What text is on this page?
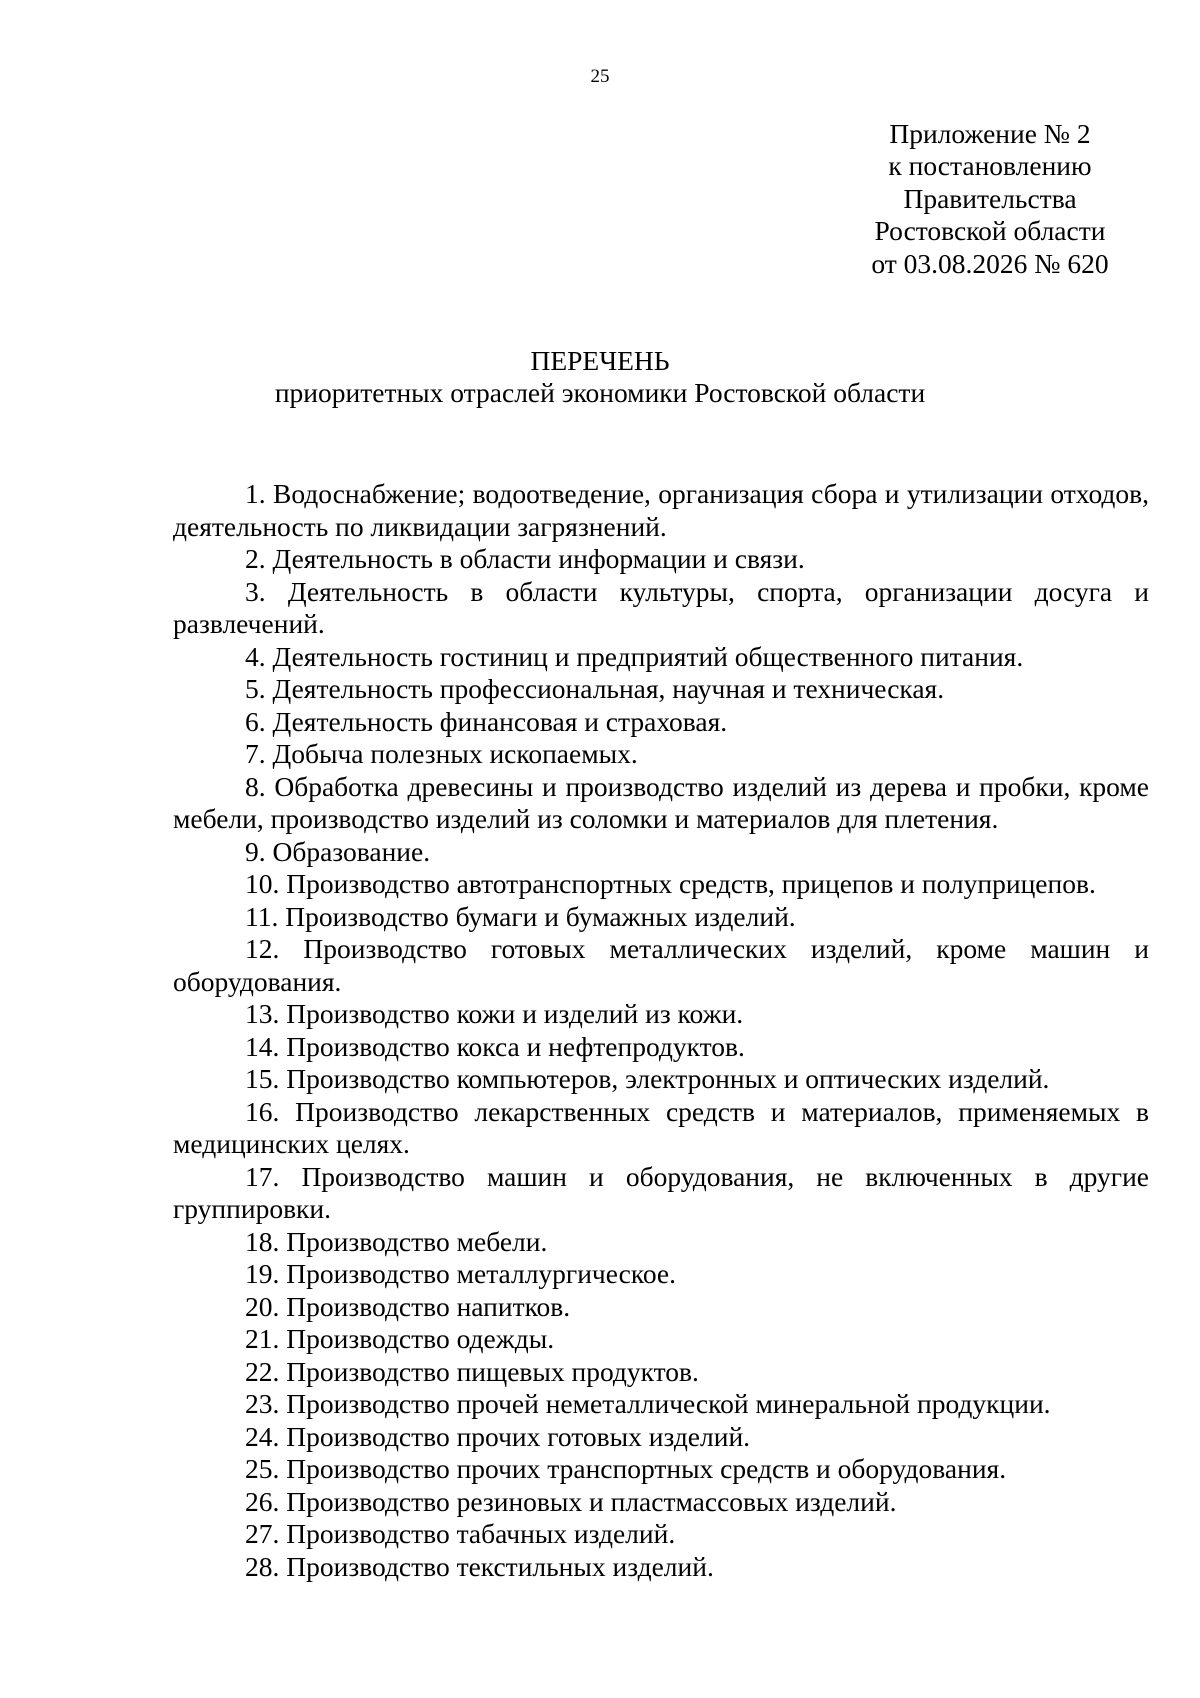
25
Приложение № 2
к постановлению
Правительства
Ростовской области
от 03.08.2026 № 620
ПЕРЕЧЕНЬ
приоритетных отраслей экономики Ростовской области

1. Водоснабжение; водоотведение, организация сбора и утилизации отходов, деятельность по ликвидации загрязнений.

2. Деятельность в области информации и связи.

3. Деятельность в области культуры, спорта, организации досуга и развлечений.

4. Деятельность гостиниц и предприятий общественного питания.

5. Деятельность профессиональная, научная и техническая.

6. Деятельность финансовая и страховая.

7. Добыча полезных ископаемых.

8. Обработка древесины и производство изделий из дерева и пробки, кроме мебели, производство изделий из соломки и материалов для плетения.

9. Образование.

10. Производство автотранспортных средств, прицепов и полуприцепов.

11. Производство бумаги и бумажных изделий.

12. Производство готовых металлических изделий, кроме машин и оборудования.

13. Производство кожи и изделий из кожи.

14. Производство кокса и нефтепродуктов.

15. Производство компьютеров, электронных и оптических изделий.

16. Производство лекарственных средств и материалов, применяемых в медицинских целях.

17. Производство машин и оборудования, не включенных в другие группировки.

18. Производство мебели.

19. Производство металлургическое.

20. Производство напитков.

21. Производство одежды.

22. Производство пищевых продуктов.

23. Производство прочей неметаллической минеральной продукции.

24. Производство прочих готовых изделий.

25. Производство прочих транспортных средств и оборудования.

26. Производство резиновых и пластмассовых изделий.

27. Производство табачных изделий.

28. Производство текстильных изделий.
